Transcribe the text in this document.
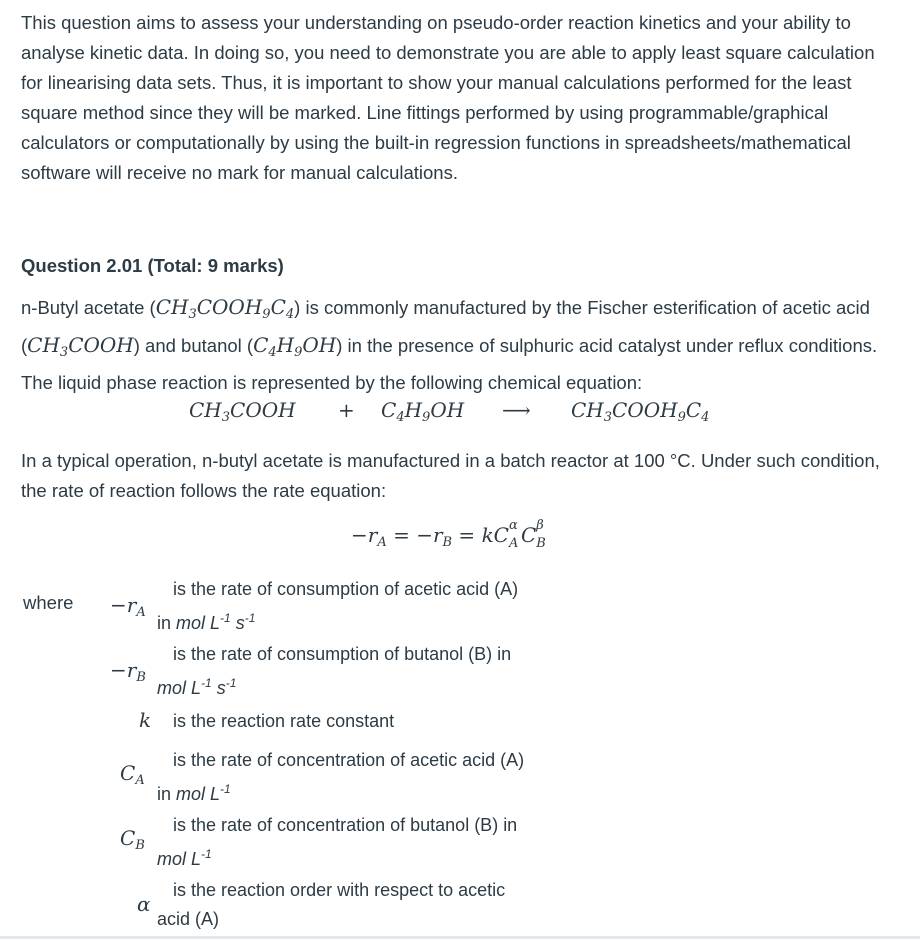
This question aims to assess your understanding on pseudo-order reaction kinetics and your ability to analyse kinetic data. In doing so, you need to demonstrate you are able to apply least square calculation for linearising data sets. Thus, it is important to show your manual calculations performed for the least square method since they will be marked. Line fittings performed by using programmable/graphical calculators or computationally by using the built-in regression functions in spreadsheets/mathematical software will receive no mark for manual calculations.

Question 2.01 (Total: 9 marks)

n-Butyl acetate $(CH_3COOH_9C_4)$ is commonly manufactured by the Fischer esterification of acetic acid $(CH_3COOH)$ and butanol $(C_4H_9OH)$ in the presence of sulphuric acid catalyst under reflux conditions. The liquid phase reaction is represented by the following chemical equation:

$CH_3COOH + C_4H_9OH$ ⟶ $CH_3COOH_9C_4$

In a typical operation, n-butyl acetate is manufactured in a batch reactor at 100 °C. Under such condition, the rate of reaction follows the rate equation:

$-r_A = -r_B$ = kC α
A C β
B
where $-r_A$
is the rate of consumption of acetic acid (A)
in mol $L^{-1}$ $s^{-1}$
$-r_B$
is the rate of consumption of butanol (B) in
mol $L^{-1}$ $s^{-1}$
k is the reaction rate constant
$C_A$
is the rate of concentration of acetic acid (A)
in mol $L^{-1}$
$C_B$
is the rate of concentration of butanol (B) in
mol $L^{-1}$
α
is the reaction order with respect to acetic
acid (A)
